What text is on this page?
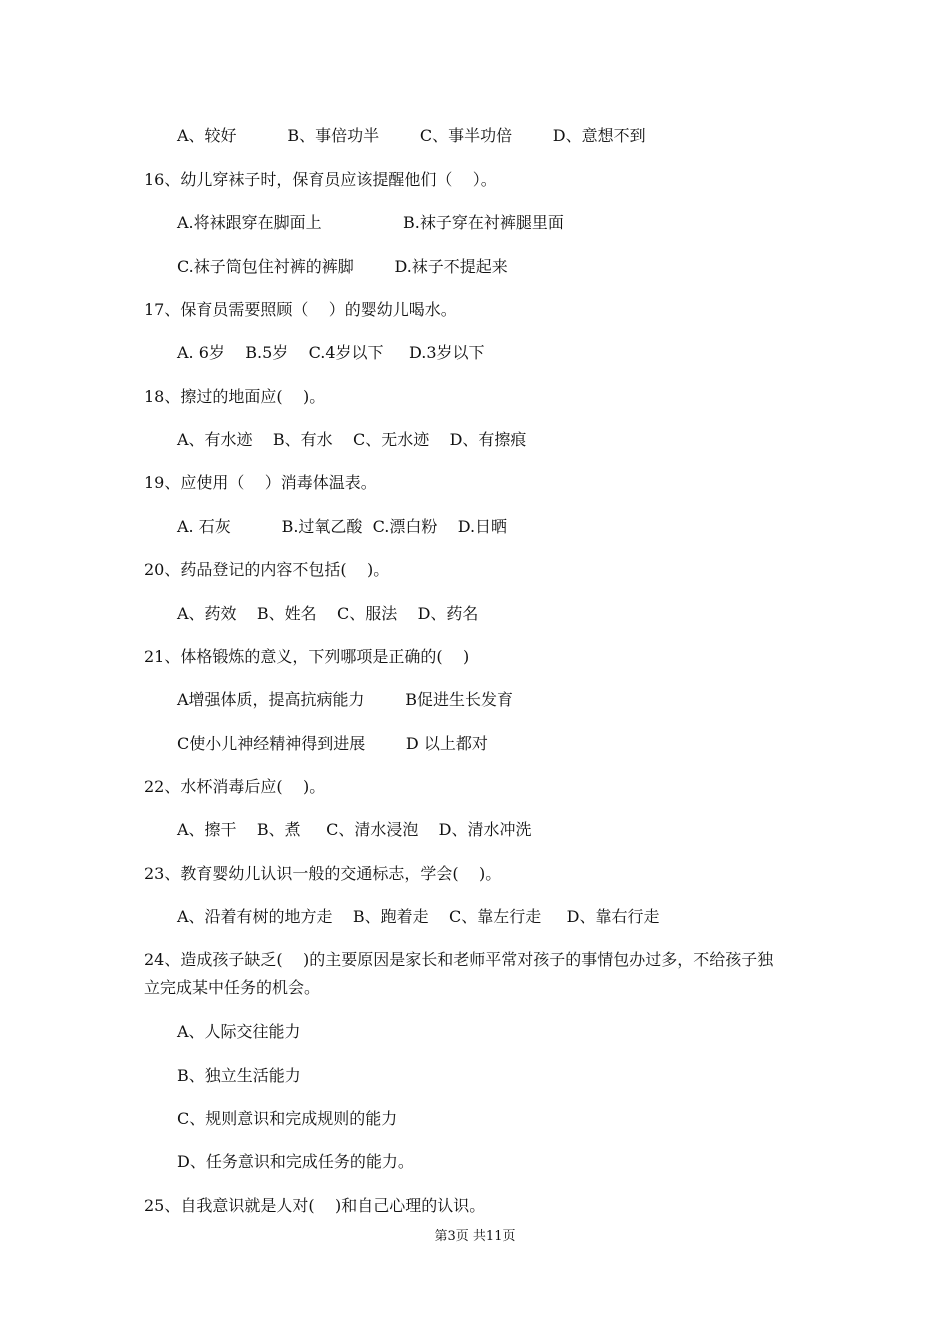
A、较好          B、事倍功半        C、事半功倍        D、意想不到
16、幼儿穿袜子时，保育员应该提醒他们（    ）。
A.将袜跟穿在脚面上                B.袜子穿在衬裤腿里面
C.袜子筒包住衬裤的裤脚        D.袜子不提起来
17、保育员需要照顾（    ）的婴幼儿喝水。
A. 6岁    B.5岁    C.4岁以下     D.3岁以下
18、擦过的地面应(    )。
A、有水迹    B、有水    C、无水迹    D、有擦痕
19、应使用（    ）消毒体温表。
A. 石灰          B.过氧乙酸  C.漂白粉    D.日晒
20、药品登记的内容不包括(    )。
A、药效    B、姓名    C、服法    D、药名
21、体格锻炼的意义，下列哪项是正确的(    )
A增强体质，提高抗病能力        B促进生长发育
C使小儿神经精神得到进展        D 以上都对
22、水杯消毒后应(    )。
A、擦干    B、煮     C、清水浸泡    D、清水冲洗
23、教育婴幼儿认识一般的交通标志，学会(    )。
A、沿着有树的地方走    B、跑着走    C、靠左行走     D、靠右行走
24、造成孩子缺乏(    )的主要原因是家长和老师平常对孩子的事情包办过多，不给孩子独
立完成某中任务的机会。
A、人际交往能力
B、独立生活能力
C、规则意识和完成规则的能力
D、任务意识和完成任务的能力。
25、自我意识就是人对(    )和自己心理的认识。
第3页 共11页
